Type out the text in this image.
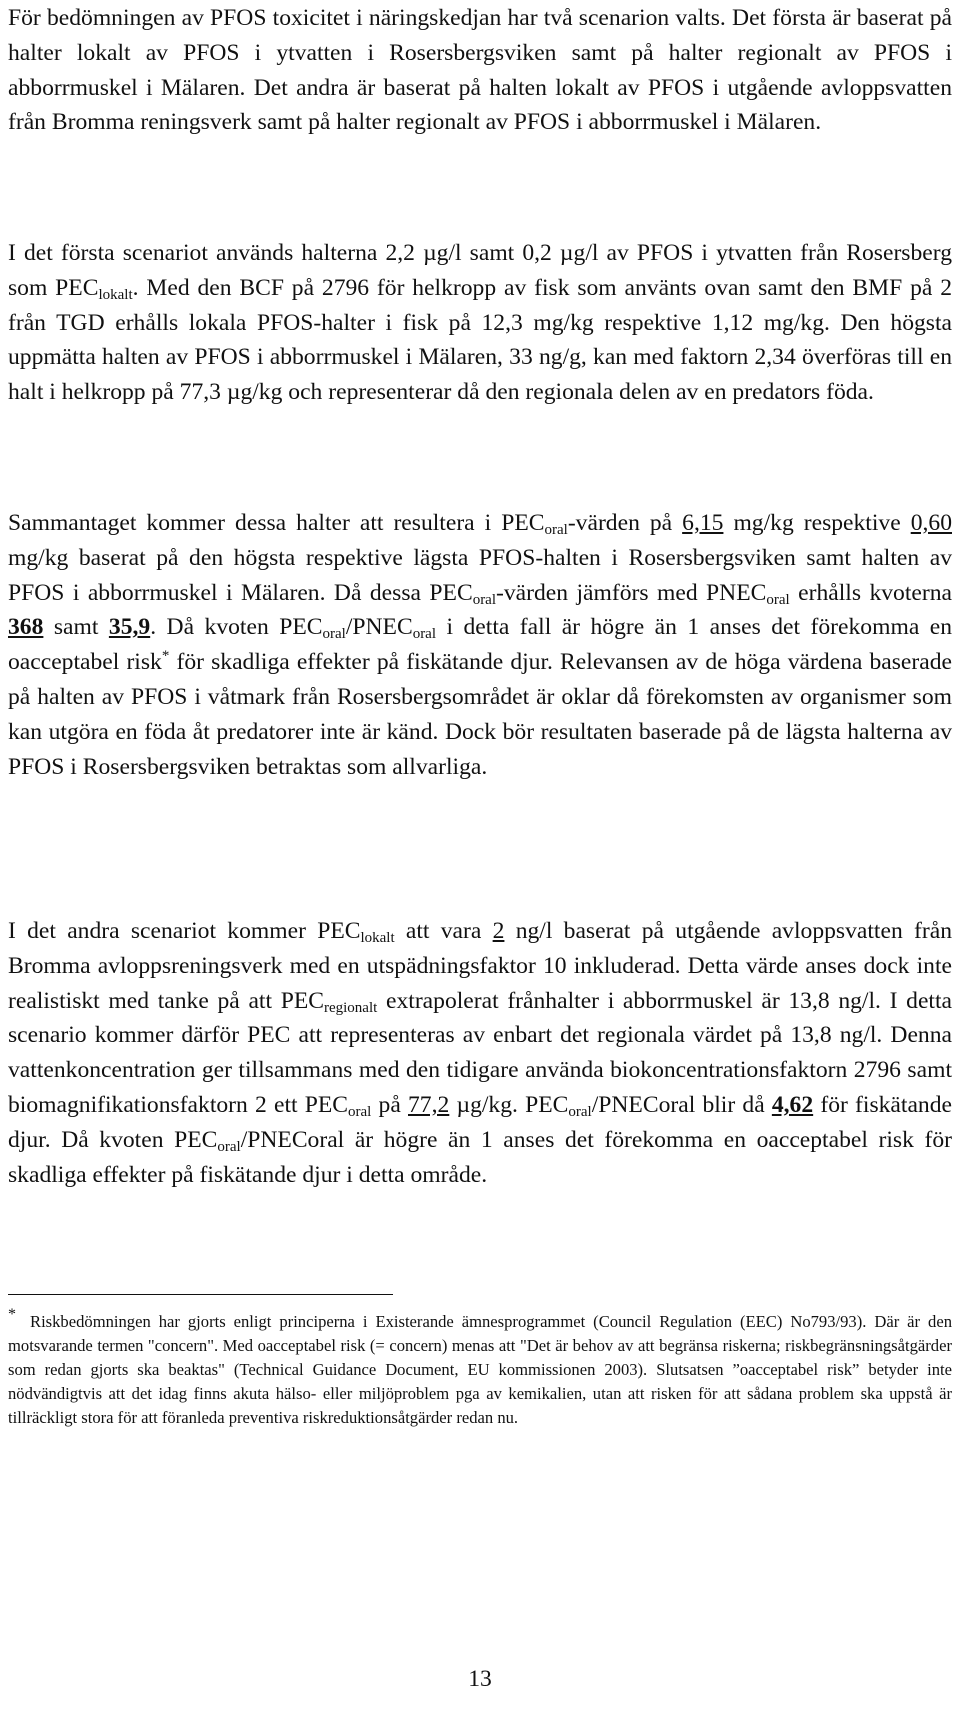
För bedömningen av PFOS toxicitet i näringskedjan har två scenarion valts. Det första är baserat på halter lokalt av PFOS i ytvatten i Rosersbergsviken samt på halter regionalt av PFOS i abborrmuskel i Mälaren. Det andra är baserat på halten lokalt av PFOS i utgående avloppsvatten från Bromma reningsverk samt på halter regionalt av PFOS i abborrmuskel i Mälaren.

I det första scenariot används halterna 2,2 µg/l samt 0,2 µg/l av PFOS i ytvatten från Rosersberg som $PEC_{lokalt}$. Med den BCF på 2796 för helkropp av fisk som använts ovan samt den BMF på 2 från TGD erhålls lokala PFOS-halter i fisk på 12,3 mg/kg respektive 1,12 mg/kg. Den högsta uppmätta halten av PFOS i abborrmuskel i Mälaren, 33 ng/g, kan med faktorn 2,34 överföras till en halt i helkropp på 77,3 µg/kg och representerar då den regionala delen av en predators föda.

Sammantaget kommer dessa halter att resultera i $PEC_{oral}$-värden på 6,15 mg/kg respektive 0,60 mg/kg baserat på den högsta respektive lägsta PFOS-halten i Rosersbergsviken samt halten av PFOS i abborrmuskel i Mälaren. Då dessa $PEC_{oral}$-värden jämförs med $PNEC_{oral}$ erhålls kvoterna 368 samt 35,9. Då kvoten $PEC_{oral}/PNEC_{oral}$ i detta fall är högre än 1 anses det förekomma en oacceptabel risk* för skadliga effekter på fiskätande djur. Relevansen av de höga värdena baserade på halten av PFOS i våtmark från Rosersbergsområdet är oklar då förekomsten av organismer som kan utgöra en föda åt predatorer inte är känd. Dock bör resultaten baserade på de lägsta halterna av PFOS i Rosersbergsviken betraktas som allvarliga.

I det andra scenariot kommer $PEC_{lokalt}$ att vara 2 ng/l baserat på utgående avloppsvatten från Bromma avloppsreningsverk med en utspädningsfaktor 10 inkluderad. Detta värde anses dock inte realistiskt med tanke på att $PEC_{regionalt}$ extrapolerat frånhalter i abborrmuskel är 13,8 ng/l. I detta scenario kommer därför PEC att representeras av enbart det regionala värdet på 13,8 ng/l. Denna vattenkoncentration ger tillsammans med den tidigare använda biokoncentrationsfaktorn 2796 samt biomagnifikationsfaktorn 2 ett $PEC_{oral}$ på 77,2 µg/kg. $PEC_{oral}$/PNECoral blir då 4,62 för fiskätande djur. Då kvoten $PEC_{oral}$/PNECoral är högre än 1 anses det förekomma en oacceptabel risk för skadliga effekter på fiskätande djur i detta område.

* Riskbedömningen har gjorts enligt principerna i Existerande ämnesprogrammet (Council Regulation (EEC) No793/93). Där är den motsvarande termen "concern". Med oacceptabel risk (= concern) menas att "Det är behov av att begränsa riskerna; riskbegränsningsåtgärder som redan gjorts ska beaktas" (Technical Guidance Document, EU kommissionen 2003). Slutsatsen ”oacceptabel risk” betyder inte nödvändigtvis att det idag finns akuta hälso- eller miljöproblem pga av kemikalien, utan att risken för att sådana problem ska uppstå är tillräckligt stora för att föranleda preventiva riskreduktionsåtgärder redan nu.

13
